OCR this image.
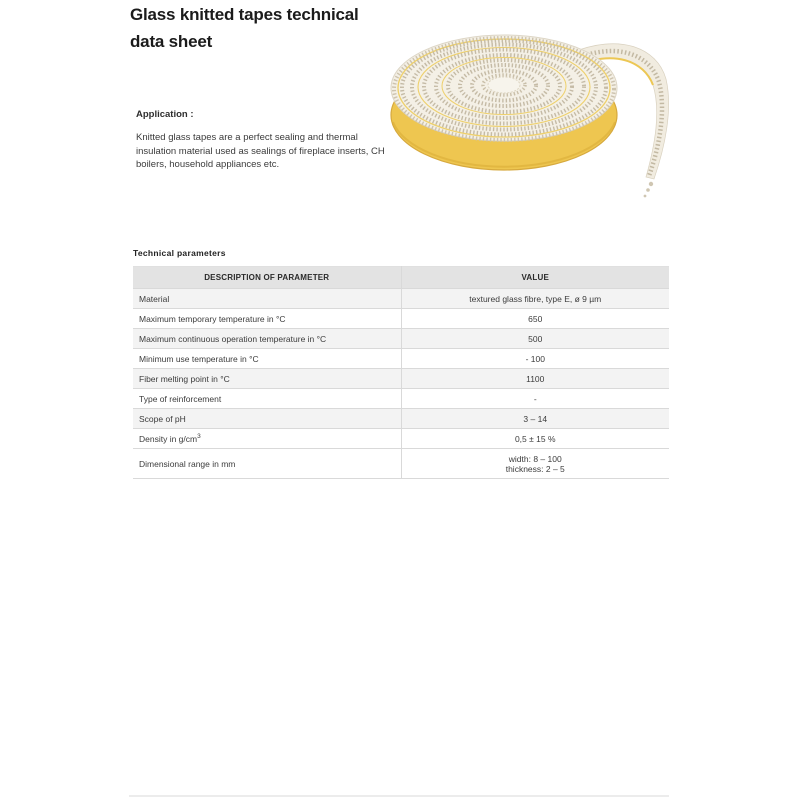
Glass knitted tapes technical
data sheet
Application :
Knitted glass tapes are a perfect sealing and thermal
insulation material used as sealings of fireplace inserts, CH
boilers, household appliances etc.
Technical parameters
DESCRIPTION OF PARAMETER	VALUE
Material	textured glass fibre, type E, ø 9 µm

Maximum temporary temperature in °C	650

Maximum continuous operation temperature in °C	500

Minimum use temperature in °C	- 100

Fiber melting point in °C	1100

Type of reinforcement	-

Scope of pH	3 – 14

Density in $g/cm^3$	0,5 ± 15 %

Dimensional range in mm	width: 8 – 100
thickness: 2 – 5
